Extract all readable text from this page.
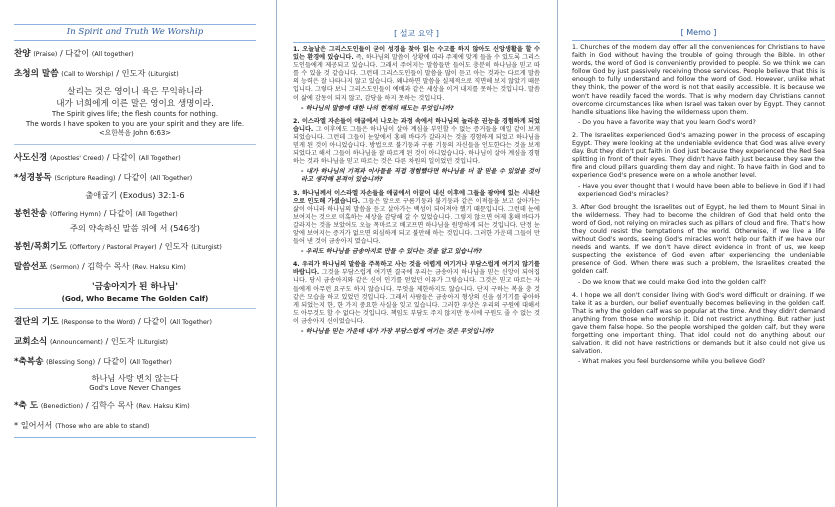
In Spirit and Truth We Worship
찬양 (Praise) / 다같이 (All together)
초청의 말씀 (Call to Worship) / 인도자 (Liturgist)
살리는 것은 영이니 육은 무익하니라
내가 너희에게 이른 말은 영이요 생명이라.
The Spirit gives life; the flesh counts for nothing.
The words I have spoken to you are your spirit and they are life.
<요한복음 John 6:63>
사도신경 (Apostles' Creed) / 다같이 (All Together)
*성경봉독 (Scripture Reading) / 다같이 (All Together)
출애굽기 (Exodus) 32:1-6
봉헌찬송 (Offering Hymn) / 다같이 (All Together)
주의 약속하신 말씀 위에 서 (546장)
봉헌/목회기도 (Offertory / Pastoral Prayer) / 인도자 (Liturgist)
말씀선포 (Sermon) / 김학수 목사 (Rev. Haksu Kim)
'금송아지가 된 하나님'
(God, Who Became The Golden Calf)
결단의 기도 (Response to the Word) / 다같이 (All Together)
교회소식 (Announcement) / 인도자 (Liturgist)
*축복송 (Blessing Song) / 다같이 (All Together)
하나님 사랑 변치 않는다
God's Love Never Changes
*축 도 (Benediction) / 김학수 목사 (Rev. Haksu Kim)
* 일어서서 (Those who are able to stand)
[ 설교 요약 ]

1. 오늘날은 그리스도인들이 굳이 성경을 찾아 읽는 수고를 하지 않아도 신앙생활을 할 수 있는 환경에 있습니다. 즉, 하나님의 말씀이 상황에 따라 주제에 맞게 들을 수 있도록 그리스도인들에게 제공되고 있습니다. 그래서 주어지는 말씀들만 들어도 충분히 하나님을 믿고 따를 수 있을 것 같습니다. 그런데 그리스도인들이 말씀을 많이 듣고 아는 것과는 다르게 말씀의 능력은 잘 나타나지 않고 있습니다. 왜냐하면 말씀을 실제적으로 직면해 보지 않았기 때문입니다. 그렇다 보니 그리스도인들이 예배과 같은 세상을 이겨 내지를 못하는 것입니다. 말씀이 삶에 감동이 되지 않고, 감당을 하지 못하는 것입니다.

- 하나님의 말씀에 대한 나의 현재의 태도는 무엇입니까?

2. 이스라엘 자손들이 애굽에서 나오는 과정 속에서 하나님의 놀라운 권능을 경험하게 되었습니다. 그 이후에도 그들은 하나님이 살아 계심을 부인할 수 없는 증거들을 매일 같이 보게 되었습니다. 그런데 그들이 눈앞에서 홍해 바다가 갈라지는 것을 경험하게 되었고 하나님을 믿게 된 것이 아니었습니다. 방법으로 불기둥과 구름 기둥의 자신들을 인도한다는 것을 보게 되었다고 해서 그들이 하나님을 잘 따르게 된 것이 아니었습니다. 하나님이 살아 계심을 경험하는 것과 하나님을 믿고 따르는 것은 다른 차원의 일이었던 것입니다.

- 내가 하나님의 기적과 이사들을 직접 경험했다면 하나님을 더 잘 믿을 수 있었을 것이라고 생각해 본적이 있습니까?

3. 하나님께서 이스라엘 자손들을 애굽에서 이끌어 내신 이후에 그들을 광야에 있는 시내산으로 인도해 가셨습니다. 그들은 앞으로 구름기둥과 불기둥과 같은 이적들을 보고 살아가는 삶이 아니라 하나님의 말씀을 듣고 살아가는 백성이 되어져야 했기 때문입니다. 그런데 눈에 보여지는 것으로 미혹하는 세상을 감당해 갈 수 있었습니다. 그렇지 않으면 어제 홍해 바다가 갈라지는 것을 보았어도 오늘 목마르고 배고프면 하나님을 원망하게 되는 것입니다. 단정 눈 앞에 보여지는 증거가 없으면 의심하게 되고 불만해 하는 것입니다. 그러한 가운데 그들이 만들어 낸 것이 금송아지 였습니다.

- 우리도 하나님을 금송아지로 만들 수 있다는 것을 알고 있습니까?

4. 우리가 하나님의 말씀을 주목하고 사는 것을 어렵게 여기거나 부담스럽게 여기지 않기를 바랍니다. 그것을 부담스럽게 여기면 결국에 우리는 금송아지 하나님을 믿는 신앙이 되어집니다. 당시 금송아지와 같은 신이 인기를 얻었던 이유가 그렇습니다. 그것은 믿고 따르는 자들에게 아무런 요구도 하지 않습니다. 무엇을 제한하지도 않습니다. 단지 구하는 복을 충 것 같은 모습을 하고 있었던 것입니다. 그래서 사람들은 금송아지 형상의 신을 섬기기를 좋아하게 되었는지 한, 한 가지 중요한 사실을 잊고 있습니다. 그러한 우상은 우리의 구원에 대해서도 아무것도 할 수 없다는 것입니다. 책임도 부담도 주지 않지만 동시에 구원도 줄 수 없는 것이 금송아지 신이었습니다.

- 하나님을 믿는 가운데 내가 가장 부담스럽게 여기는 것은 무엇입니까?

[ Memo ]

1. Churches of the modern day offer all the conveniences for Christians to have faith in God without having the trouble of going through the Bible. In other words, the word of God is conveniently provided to people. So we think we can follow God by just passively receiving those services. People believe that this is enough to fully understand and follow the word of God. However, unlike what they think, the power of the word is not that easily accessible. It is because we won't have readily faced the words. That is why modern day Christians cannot overcome circumstances like when Israel was taken over by Egypt. They cannot handle situations like having the wilderness upon them.

- Do you have a favorite way that you learn God's word?

2. The Israelites experienced God's amazing power in the process of escaping Egypt. They were looking at the undeniable evidence that God was alive every day. But they didn't put faith in God just because they experienced the Red Sea splitting in front of their eyes. They didn't have faith just because they saw the fire and cloud pillars guarding them day and night. To have faith in God and to experience God's presence were on a whole another level.

- Have you ever thought that I would have been able to believe in God if I had experienced God's miracles?

3. After God brought the Israelites out of Egypt, he led them to Mount Sinai in the wilderness. They had to become the children of God that held onto the word of God, not relying on miracles such as pillars of cloud and fire. That's how they could resist the temptations of the world. Otherwise, if we live a life without God's words, seeing God's miracles won't help our faith if we have our needs and wants. If we don't have direct evidence in front of us, we keep suspecting the existence of God even after experiencing the undeniable presence of God. When there was such a problem, the Israelites created the golden calf.

- Do we know that we could make God into the golden calf?

4. I hope we all don't consider living with God's word difficult or draining. If we take it as a burden, our belief eventually becomes believing in the golden calf. That is why the golden calf was so popular at the time. And they didn't demand anything from those who worship it. Did not restrict anything. But rather just gave them false hope. So the people worshiped the golden calf, but they were forgetting one important thing. That idol could not do anything about our salvation. It did not have restrictions or demands but it also could not give us salvation.

- What makes you feel burdensome while you believe God?
